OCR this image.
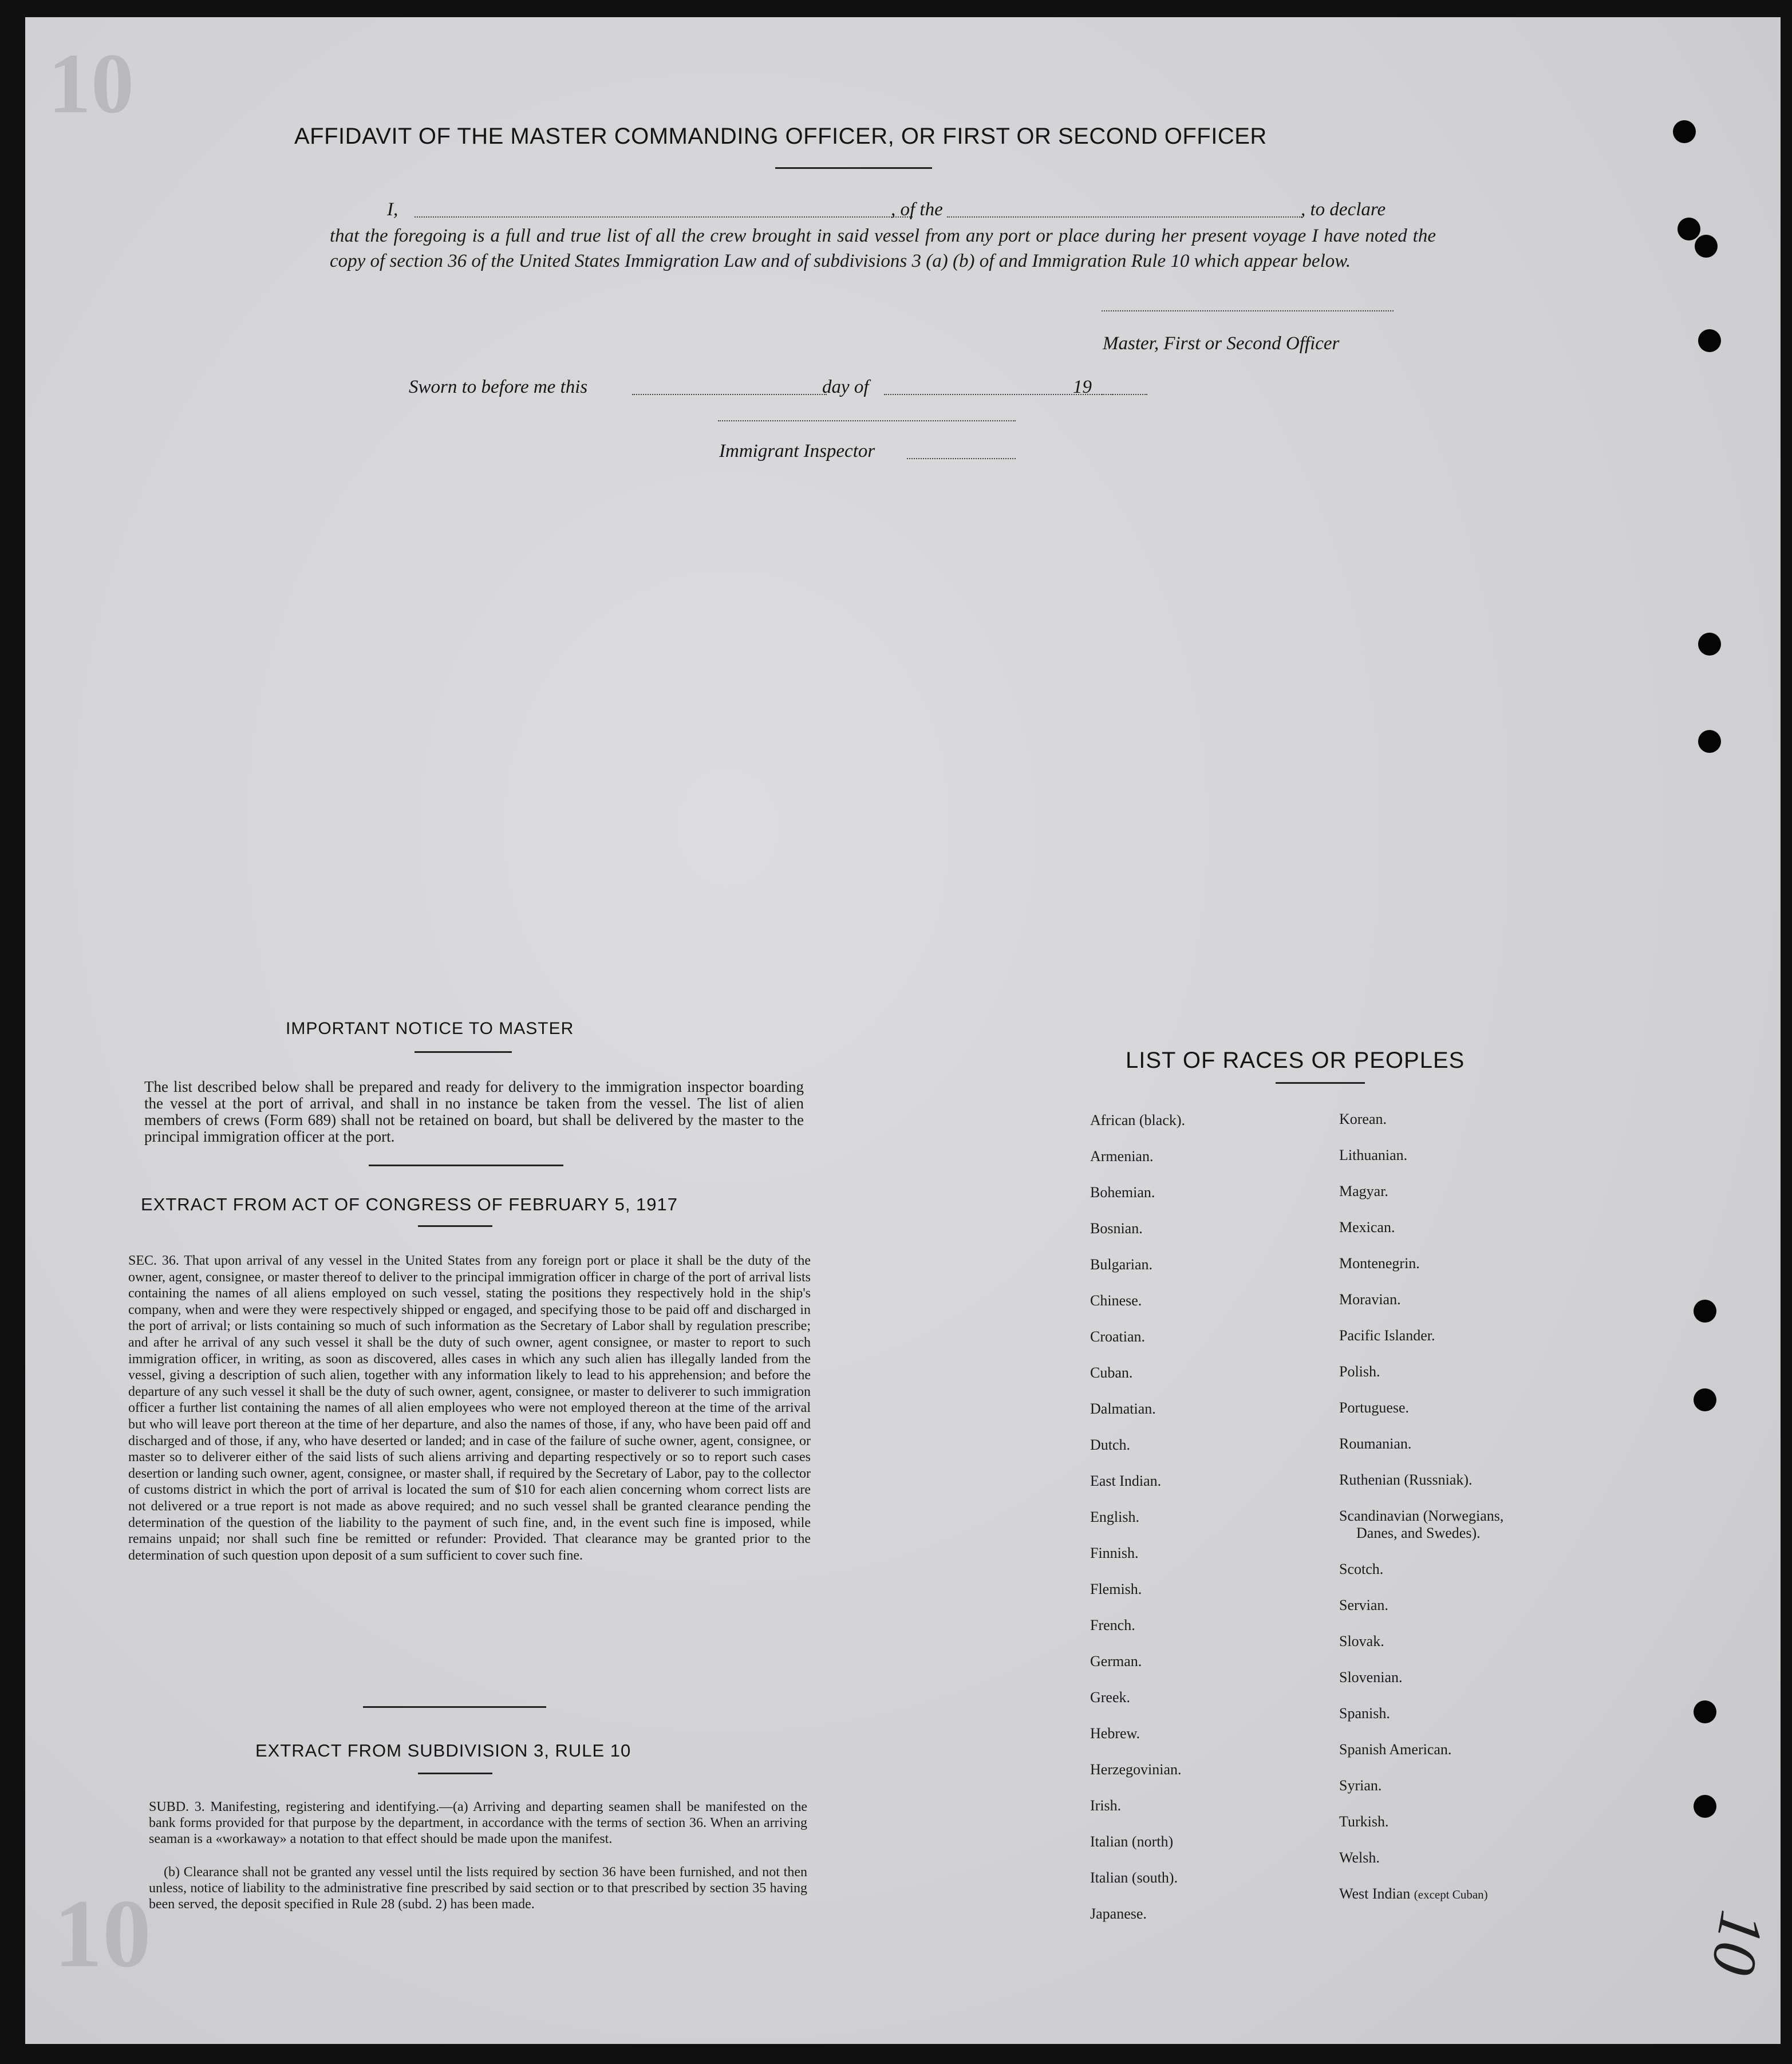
10
10
AFFIDAVIT OF THE MASTER COMMANDING OFFICER, OR FIRST OR SECOND OFFICER
I,	, of the	, to declare
that the foregoing is a full and true list of all the crew brought in said vessel from any port or place during her present voyage I have noted the copy of section 36 of the United States Immigration Law and of subdivisions 3 (a) (b) of and Immigration Rule 10 which appear below.
Master, First or Second Officer
Sworn to before me this	day of	19
Immigrant Inspector
IMPORTANT NOTICE TO MASTER
The list described below shall be prepared and ready for delivery to the immigration inspector boarding the vessel at the port of arrival, and shall in no instance be taken from the vessel. The list of alien members of crews (Form 689) shall not be retained on board, but shall be delivered by the master to the principal immigration officer at the port.
EXTRACT FROM ACT OF CONGRESS OF FEBRUARY 5, 1917
SEC. 36. That upon arrival of any vessel in the United States from any foreign port or place it shall be the duty of the owner, agent, consignee, or master thereof to deliver to the principal immigration officer in charge of the port of arrival lists containing the names of all aliens employed on such vessel, stating the positions they respectively hold in the ship's company, when and were they were respectively shipped or engaged, and specifying those to be paid off and discharged in the port of arrival; or lists containing so much of such information as the Secretary of Labor shall by regulation prescribe; and after he arrival of any such vessel it shall be the duty of such owner, agent consignee, or master to report to such immigration officer, in writing, as soon as discovered, alles cases in which any such alien has illegally landed from the vessel, giving a description of such alien, together with any information likely to lead to his apprehension; and before the departure of any such vessel it shall be the duty of such owner, agent, consignee, or master to deliverer to such immigration officer a further list containing the names of all alien employees who were not employed thereon at the time of the arrival but who will leave port thereon at the time of her departure, and also the names of those, if any, who have been paid off and discharged and of those, if any, who have deserted or landed; and in case of the failure of suche owner, agent, consignee, or master so to deliverer either of the said lists of such aliens arriving and departing respectively or so to report such cases desertion or landing such owner, agent, consignee, or master shall, if required by the Secretary of Labor, pay to the collector of customs district in which the port of arrival is located the sum of $10 for each alien concerning whom correct lists are not delivered or a true report is not made as above required; and no such vessel shall be granted clearance pending the determination of the question of the liability to the payment of such fine, and, in the event such fine is imposed, while remains unpaid; nor shall such fine be remitted or refunder: Provided. That clearance may be granted prior to the determination of such question upon deposit of a sum sufficient to cover such fine.
EXTRACT FROM SUBDIVISION 3, RULE 10
SUBD. 3. Manifesting, registering and identifying.—(a) Arriving and departing seamen shall be manifested on the bank forms provided for that purpose by the department, in accordance with the terms of section 36. When an arriving seaman is a «workaway» a notation to that effect should be made upon the manifest.
(b) Clearance shall not be granted any vessel until the lists required by section 36 have been furnished, and not then unless, notice of liability to the administrative fine prescribed by said section or to that prescribed by section 35 having been served, the deposit specified in Rule 28 (subd. 2) has been made.
LIST OF RACES OR PEOPLES
African (black).
Armenian.
Bohemian.
Bosnian.
Bulgarian.
Chinese.
Croatian.
Cuban.
Dalmatian.
Dutch.
East Indian.
English.
Finnish.
Flemish.
French.
German.
Greek.
Hebrew.
Herzegovinian.
Irish.
Italian (north)
Italian (south).
Japanese.
Korean.
Lithuanian.
Magyar.
Mexican.
Montenegrin.
Moravian.
Pacific Islander.
Polish.
Portuguese.
Roumanian.
Ruthenian (Russniak).
Scandinavian (Norwegians,
Danes, and Swedes).
Scotch.
Servian.
Slovak.
Slovenian.
Spanish.
Spanish American.
Syrian.
Turkish.
Welsh.
West Indian (except Cuban)
10
